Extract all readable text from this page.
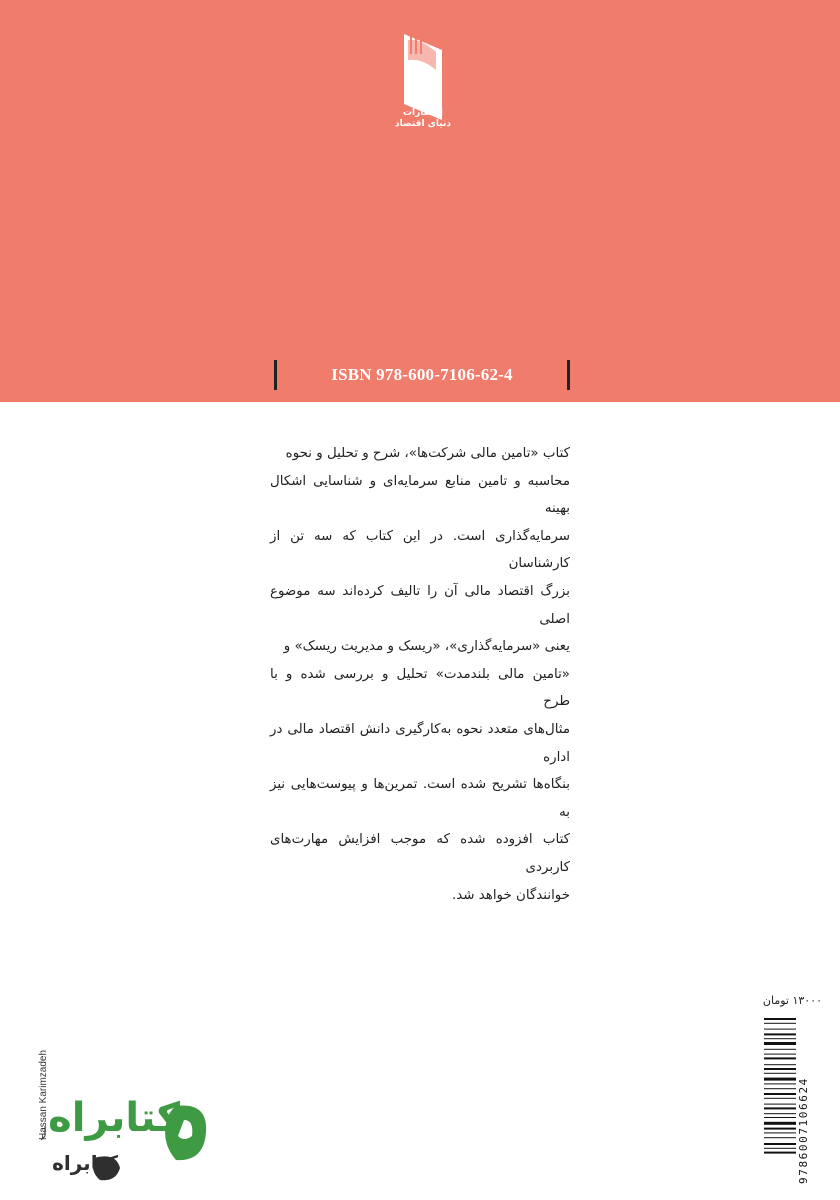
انتشارات
دنیای اقتصاد
ISBN 978-600-7106-62-4
کتاب «تامین مالی شرکت‌ها»، شرح و تحلیل و نحوه
محاسبه و تامین منابع سرمایه‌ای و شناسایی اشکال بهینه
سرمایه‌گذاری است. در این کتاب که سه تن از کارشناسان
بزرگ اقتصاد مالی آن را تالیف کرده‌اند سه موضوع اصلی
یعنی «سرمایه‌گذاری»، «ریسک و مدیریت ریسک» و
«تامین مالی بلندمدت» تحلیل و بررسی شده و با طرح
مثال‌های متعدد نحوه به‌کارگیری دانش اقتصاد مالی در اداره
بنگاه‌ها تشریح شده است. تمرین‌ها و پیوست‌هایی نیز به
کتاب افزوده شده که موجب افزایش مهارت‌های کاربردی
خوانندگان خواهد شد.
۱۳۰۰۰ تومان
9786007106624
Hassan Karimzadeh کتابراه
کتابراه
